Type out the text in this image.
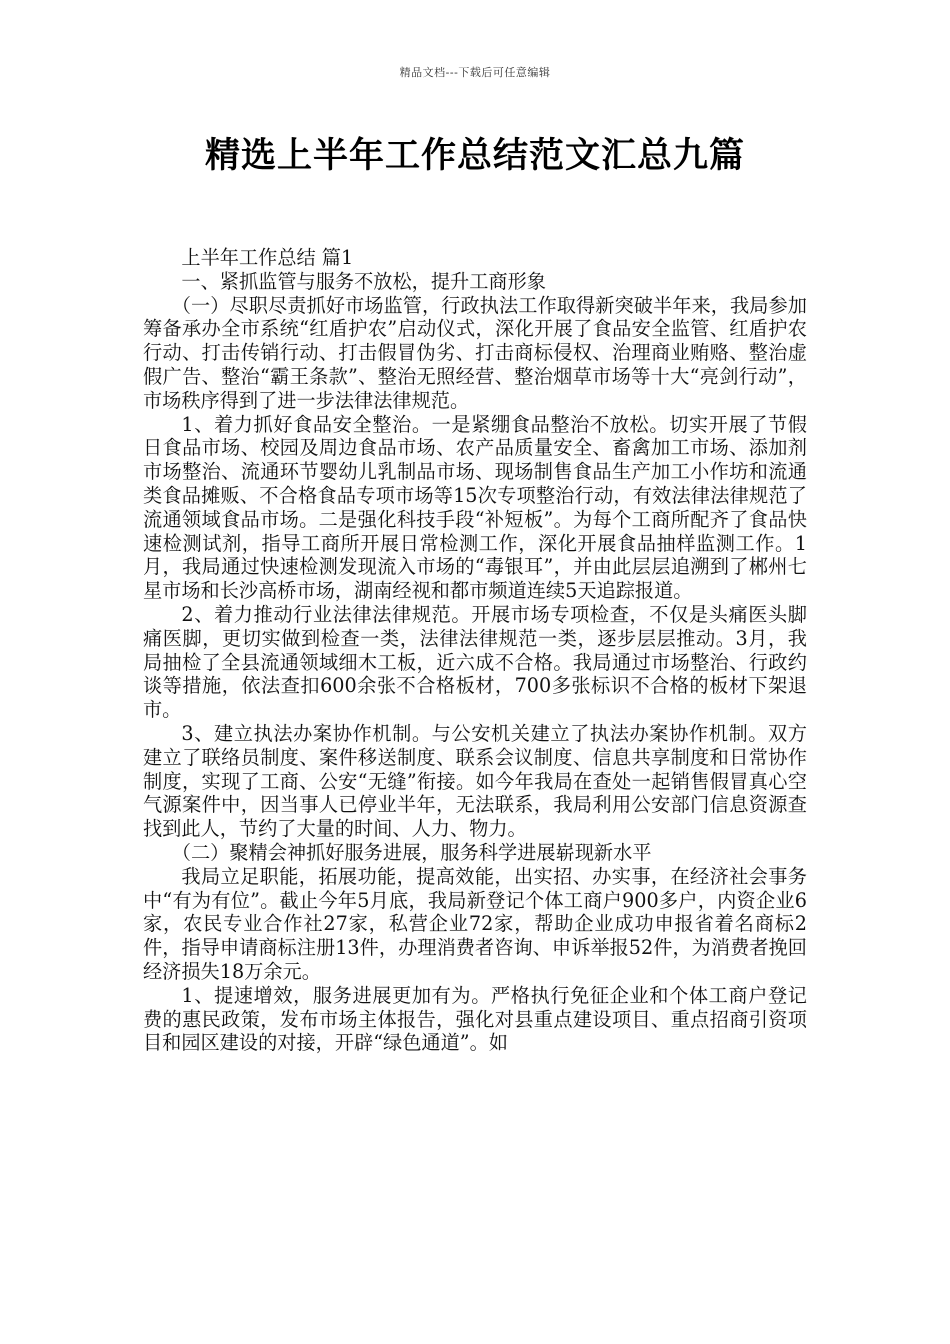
精品文档---下载后可任意编辑
精选上半年工作总结范文汇总九篇

上半年工作总结 篇1

一、紧抓监管与服务不放松，提升工商形象

（一）尽职尽责抓好市场监管，行政执法工作取得新突破半年来，我局参加筹备承办全市系统“红盾护农”启动仪式，深化开展了食品安全监管、红盾护农行动、打击传销行动、打击假冒伪劣、打击商标侵权、治理商业贿赂、整治虚假广告、整治“霸王条款”、整治无照经营、整治烟草市场等十大“亮剑行动”，市场秩序得到了进一步法律法律规范。

1、着力抓好食品安全整治。一是紧绷食品整治不放松。切实开展了节假日食品市场、校园及周边食品市场、农产品质量安全、畜禽加工市场、添加剂市场整治、流通环节婴幼儿乳制品市场、现场制售食品生产加工小作坊和流通类食品摊贩、不合格食品专项市场等15次专项整治行动，有效法律法律规范了流通领域食品市场。二是强化科技手段“补短板”。为每个工商所配齐了食品快速检测试剂，指导工商所开展日常检测工作，深化开展食品抽样监测工作。1月，我局通过快速检测发现流入市场的“毒银耳”，并由此层层追溯到了郴州七星市场和长沙高桥市场，湖南经视和都市频道连续5天追踪报道。

2、着力推动行业法律法律规范。开展市场专项检查，不仅是头痛医头脚痛医脚，更切实做到检查一类，法律法律规范一类，逐步层层推动。3月，我局抽检了全县流通领域细木工板，近六成不合格。我局通过市场整治、行政约谈等措施，依法查扣600余张不合格板材，700多张标识不合格的板材下架退市。

3、建立执法办案协作机制。与公安机关建立了执法办案协作机制。双方建立了联络员制度、案件移送制度、联系会议制度、信息共享制度和日常协作制度，实现了工商、公安“无缝”衔接。如今年我局在查处一起销售假冒真心空气源案件中，因当事人已停业半年，无法联系，我局利用公安部门信息资源查找到此人，节约了大量的时间、人力、物力。

（二）聚精会神抓好服务进展，服务科学进展崭现新水平

我局立足职能，拓展功能，提高效能，出实招、办实事，在经济社会事务中“有为有位”。截止今年5月底，我局新登记个体工商户900多户，内资企业6家，农民专业合作社27家，私营企业72家，帮助企业成功申报省着名商标2件，指导申请商标注册13件，办理消费者咨询、申诉举报52件，为消费者挽回经济损失18万余元。

1、提速增效，服务进展更加有为。严格执行免征企业和个体工商户登记费的惠民政策，发布市场主体报告，强化对县重点建设项目、重点招商引资项目和园区建设的对接，开辟“绿色通道”。如
